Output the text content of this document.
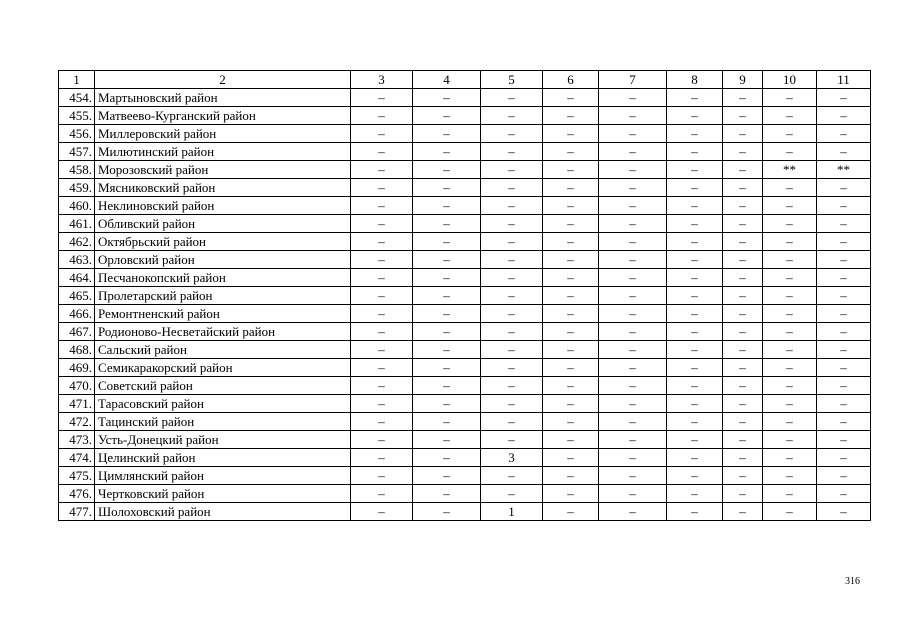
1	2	3	4	5	6	7	8	9	10	11
454.	Мартыновский район	–	–	–	–	–	–	–	–	–
455.	Матвеево-Курганский район	–	–	–	–	–	–	–	–	–
456.	Миллеровский район	–	–	–	–	–	–	–	–	–
457.	Милютинский район	–	–	–	–	–	–	–	–	–
458.	Морозовский район	–	–	–	–	–	–	–	**	**
459.	Мясниковский район	–	–	–	–	–	–	–	–	–
460.	Неклиновский район	–	–	–	–	–	–	–	–	–
461.	Обливский район	–	–	–	–	–	–	–	–	–
462.	Октябрьский район	–	–	–	–	–	–	–	–	–
463.	Орловский район	–	–	–	–	–	–	–	–	–
464.	Песчанокопский район	–	–	–	–	–	–	–	–	–
465.	Пролетарский район	–	–	–	–	–	–	–	–	–
466.	Ремонтненский район	–	–	–	–	–	–	–	–	–
467.	Родионово-Несветайский район	–	–	–	–	–	–	–	–	–
468.	Сальский район	–	–	–	–	–	–	–	–	–
469.	Семикаракорский район	–	–	–	–	–	–	–	–	–
470.	Советский район	–	–	–	–	–	–	–	–	–
471.	Тарасовский район	–	–	–	–	–	–	–	–	–
472.	Тацинский район	–	–	–	–	–	–	–	–	–
473.	Усть-Донецкий район	–	–	–	–	–	–	–	–	–
474.	Целинский район	–	–	3	–	–	–	–	–	–
475.	Цимлянский район	–	–	–	–	–	–	–	–	–
476.	Чертковский район	–	–	–	–	–	–	–	–	–
477.	Шолоховский район	–	–	1	–	–	–	–	–	–
316
